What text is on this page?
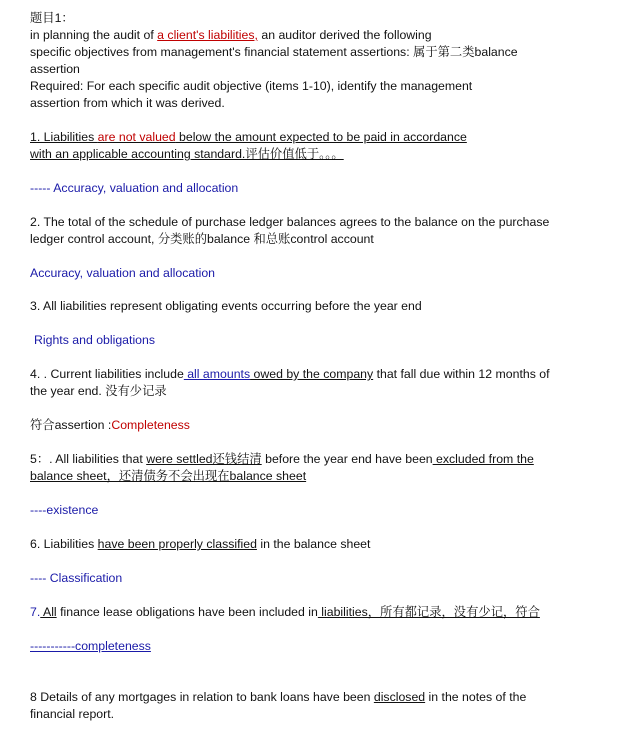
题目1：
in planning the audit of a client's liabilities, an auditor derived the following
specific objectives from management's financial statement assertions: 属于第二类balance
assertion
Required: For each specific audit objective (items 1-10), identify the management
assertion from which it was derived.
1. Liabilities are not valued below the amount expected to be paid in accordance
with an applicable accounting standard.评估价值低于。。。
----- Accuracy, valuation and allocation
2. The total of the schedule of purchase ledger balances agrees to the balance on the purchase
ledger control account, 分类账的balance 和总账control account
Accuracy, valuation and allocation
3. All liabilities represent obligating events occurring before the year end
Rights and obligations
4. . Current liabilities include all amounts owed by the company that fall due within 12 months of
the year end. 没有少记录
符合assertion :Completeness
5：. All liabilities that were settled还钱结清 before the year end have been excluded from the
balance sheet，还清债务不会出现在balance sheet
----existence
6. Liabilities have been properly classified in the balance sheet
---- Classification
7. All finance lease obligations have been included in liabilities，所有都记录，没有少记，符合
-----------completeness
8 Details of any mortgages in relation to bank loans have been disclosed in the notes of the
financial report.
